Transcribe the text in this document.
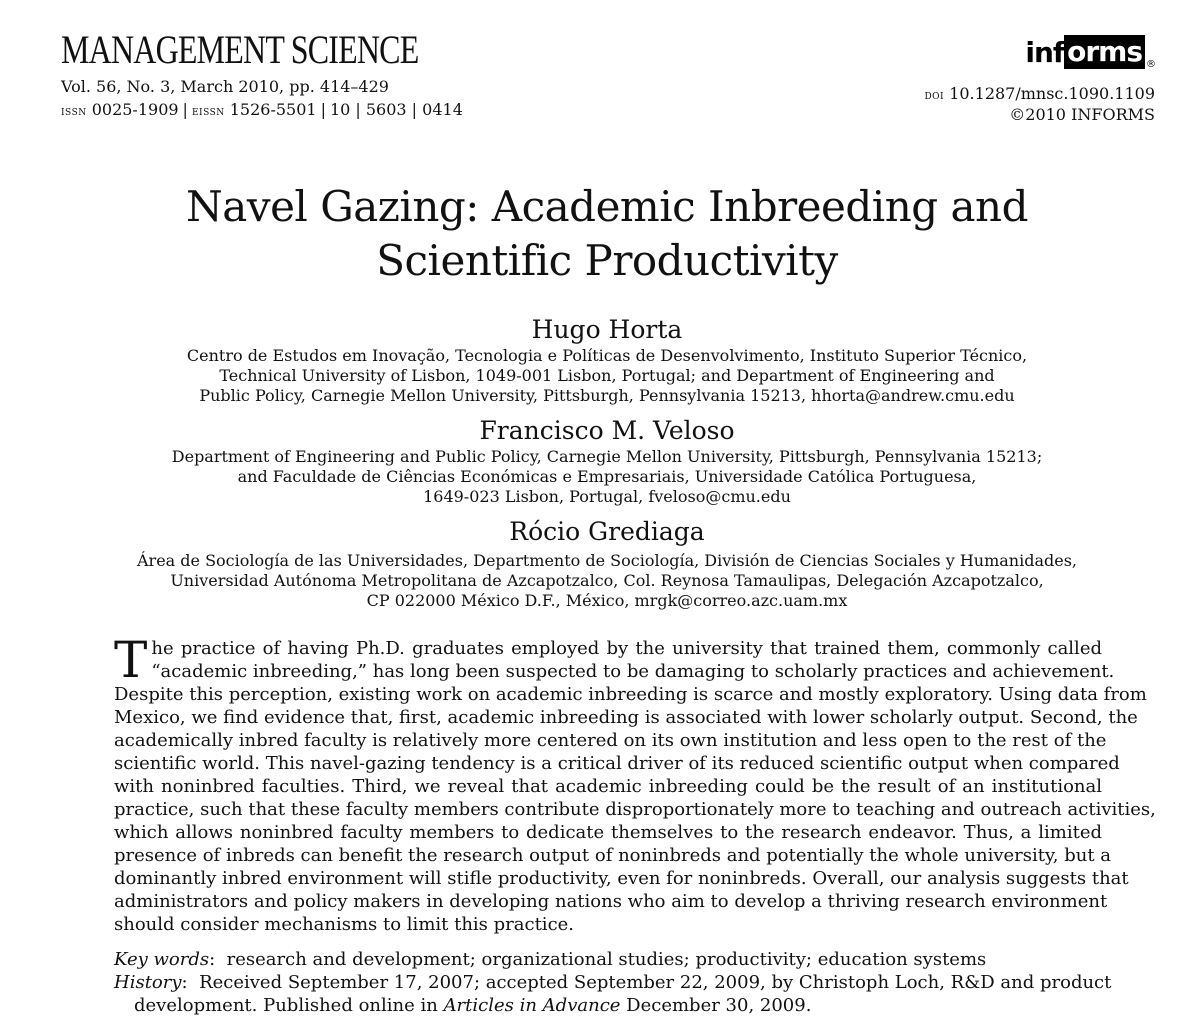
MANAGEMENT SCIENCE
Vol. 56, No. 3, March 2010, pp. 414–429
issn 0025-1909 | eissn 1526-5501 | 10 | 5603 | 0414
inf orms ®
doi 10.1287/mnsc.1090.1109
©2010 INFORMS
Navel Gazing: Academic Inbreeding and
Scientific Productivity
Hugo Horta
Centro de Estudos em Inovação, Tecnologia e Políticas de Desenvolvimento, Instituto Superior Técnico,
Technical University of Lisbon, 1049-001 Lisbon, Portugal; and Department of Engineering and
Public Policy, Carnegie Mellon University, Pittsburgh, Pennsylvania 15213, hhorta@andrew.cmu.edu
Francisco M. Veloso
Department of Engineering and Public Policy, Carnegie Mellon University, Pittsburgh, Pennsylvania 15213;
and Faculdade de Ciências Económicas e Empresariais, Universidade Católica Portuguesa,
1649-023 Lisbon, Portugal, fveloso@cmu.edu
Rócio Grediaga
Área de Sociología de las Universidades, Departmento de Sociología, División de Ciencias Sociales y Humanidades,
Universidad Autónoma Metropolitana de Azcapotzalco, Col. Reynosa Tamaulipas, Delegación Azcapotzalco,
CP 022000 México D.F., México, mrgk@correo.azc.uam.mx
T he practice of having Ph.D. graduates employed by the university that trained them, commonly called
“academic inbreeding,” has long been suspected to be damaging to scholarly practices and achievement.
Despite this perception, existing work on academic inbreeding is scarce and mostly exploratory. Using data from
Mexico, we find evidence that, first, academic inbreeding is associated with lower scholarly output. Second, the
academically inbred faculty is relatively more centered on its own institution and less open to the rest of the
scientific world. This navel-gazing tendency is a critical driver of its reduced scientific output when compared
with noninbred faculties. Third, we reveal that academic inbreeding could be the result of an institutional
practice, such that these faculty members contribute disproportionately more to teaching and outreach activities,
which allows noninbred faculty members to dedicate themselves to the research endeavor. Thus, a limited
presence of inbreds can benefit the research output of noninbreds and potentially the whole university, but a
dominantly inbred environment will stifle productivity, even for noninbreds. Overall, our analysis suggests that
administrators and policy makers in developing nations who aim to develop a thriving research environment
should consider mechanisms to limit this practice.
Key words:  research and development; organizational studies; productivity; education systems
History:  Received September 17, 2007; accepted September 22, 2009, by Christoph Loch, R&D and product
development. Published online in Articles in Advance December 30, 2009.
